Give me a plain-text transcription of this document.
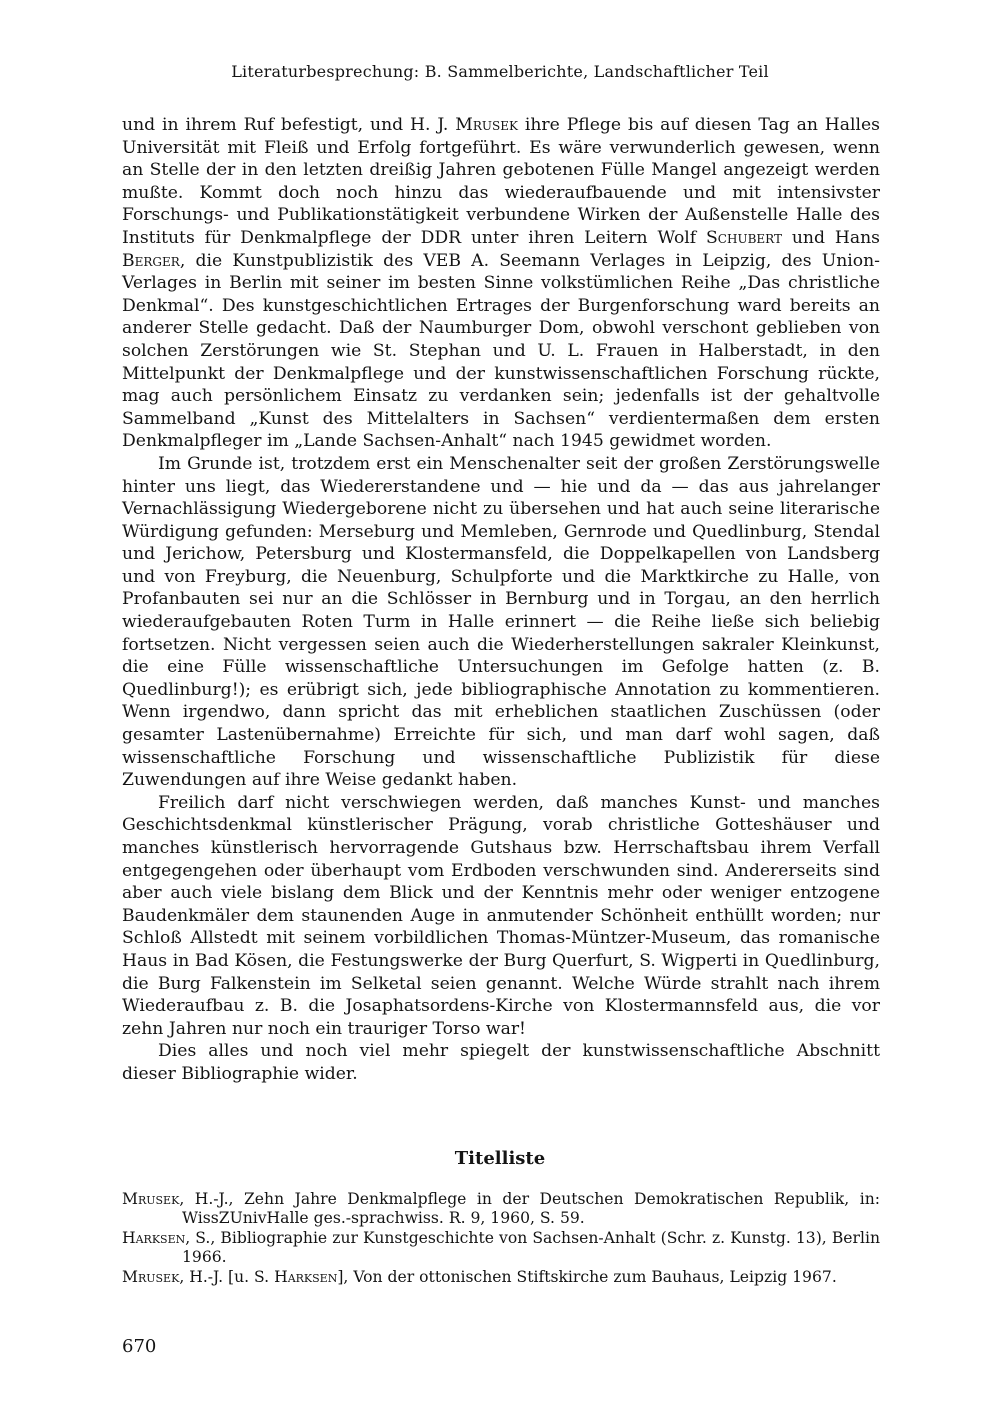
Literaturbesprechung: B. Sammelberichte, Landschaftlicher Teil

und in ihrem Ruf befestigt, und H. J. Mrusek ihre Pflege bis auf diesen Tag an Halles Universität mit Fleiß und Erfolg fortgeführt. Es wäre verwunderlich gewesen, wenn an Stelle der in den letzten dreißig Jahren gebotenen Fülle Mangel angezeigt werden mußte. Kommt doch noch hinzu das wiederaufbauende und mit intensivster Forschungs- und Publikationstätigkeit verbundene Wirken der Außenstelle Halle des Instituts für Denkmalpflege der DDR unter ihren Leitern Wolf Schubert und Hans Berger, die Kunstpublizistik des VEB A. Seemann Verlages in Leipzig, des Union-Verlages in Berlin mit seiner im besten Sinne volkstümlichen Reihe „Das christliche Denkmal“. Des kunstgeschichtlichen Ertrages der Burgenforschung ward bereits an anderer Stelle gedacht. Daß der Naumburger Dom, obwohl verschont geblieben von solchen Zerstörungen wie St. Stephan und U. L. Frauen in Halberstadt, in den Mittelpunkt der Denkmalpflege und der kunstwissenschaftlichen Forschung rückte, mag auch persönlichem Einsatz zu verdanken sein; jedenfalls ist der gehaltvolle Sammelband „Kunst des Mittelalters in Sachsen“ verdientermaßen dem ersten Denkmalpfleger im „Lande Sachsen-Anhalt“ nach 1945 gewidmet worden.

Im Grunde ist, trotzdem erst ein Menschenalter seit der großen Zerstörungswelle hinter uns liegt, das Wiedererstandene und — hie und da — das aus jahrelanger Vernachlässigung Wiedergeborene nicht zu übersehen und hat auch seine literarische Würdigung gefunden: Merseburg und Memleben, Gernrode und Quedlinburg, Stendal und Jerichow, Petersburg und Klostermansfeld, die Doppelkapellen von Landsberg und von Freyburg, die Neuenburg, Schulpforte und die Marktkirche zu Halle, von Profanbauten sei nur an die Schlösser in Bernburg und in Torgau, an den herrlich wiederaufgebauten Roten Turm in Halle erinnert — die Reihe ließe sich beliebig fortsetzen. Nicht vergessen seien auch die Wiederherstellungen sakraler Kleinkunst, die eine Fülle wissenschaftliche Untersuchungen im Gefolge hatten (z. B. Quedlinburg!); es erübrigt sich, jede bibliographische Annotation zu kommentieren. Wenn irgendwo, dann spricht das mit erheblichen staatlichen Zuschüssen (oder gesamter Lastenübernahme) Erreichte für sich, und man darf wohl sagen, daß wissenschaftliche Forschung und wissenschaftliche Publizistik für diese Zuwendungen auf ihre Weise gedankt haben.

Freilich darf nicht verschwiegen werden, daß manches Kunst- und manches Geschichtsdenkmal künstlerischer Prägung, vorab christliche Gotteshäuser und manches künstlerisch hervorragende Gutshaus bzw. Herrschaftsbau ihrem Verfall entgegengehen oder überhaupt vom Erdboden verschwunden sind. Andererseits sind aber auch viele bislang dem Blick und der Kenntnis mehr oder weniger entzogene Baudenkmäler dem staunenden Auge in anmutender Schönheit enthüllt worden; nur Schloß Allstedt mit seinem vorbildlichen Thomas-Müntzer-Museum, das romanische Haus in Bad Kösen, die Festungswerke der Burg Querfurt, S. Wigperti in Quedlinburg, die Burg Falkenstein im Selketal seien genannt. Welche Würde strahlt nach ihrem Wiederaufbau z. B. die Josaphatsordens-Kirche von Klostermannsfeld aus, die vor zehn Jahren nur noch ein trauriger Torso war!

Dies alles und noch viel mehr spiegelt der kunstwissenschaftliche Abschnitt dieser Bibliographie wider.

Titelliste

Mrusek, H.-J., Zehn Jahre Denkmalpflege in der Deutschen Demokratischen Republik, in: WissZUnivHalle ges.-sprachwiss. R. 9, 1960, S. 59.

Harksen, S., Bibliographie zur Kunstgeschichte von Sachsen-Anhalt (Schr. z. Kunstg. 13), Berlin 1966.

Mrusek, H.-J. [u. S. Harksen], Von der ottonischen Stiftskirche zum Bauhaus, Leipzig 1967.

670
